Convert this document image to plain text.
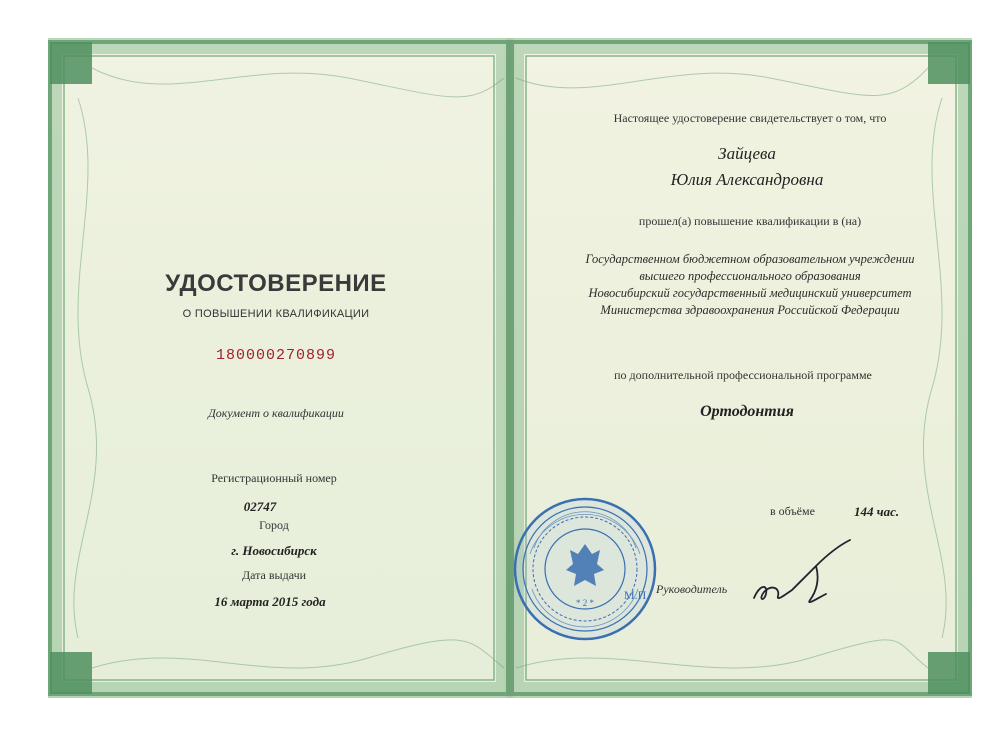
УДОСТОВЕРЕНИЕ
О ПОВЫШЕНИИ КВАЛИФИКАЦИИ
180000270899
Документ о квалификации
Регистрационный номер
02747
Город
г. Новосибирск
Дата выдачи
16 марта 2015 года
Настоящее удостоверение свидетельствует о том, что
Зайцева
Юлия Александровна
прошел(а) повышение квалификации в (на)
Государственном бюджетном образовательном учреждении
высшего профессионального образования
Новосибирский государственный медицинский университет
Министерства здравоохранения Российской Федерации
по дополнительной профессиональной программе
Ортодонтия
в объёме	144 час.
* 2 *
М.П. Руководитель
